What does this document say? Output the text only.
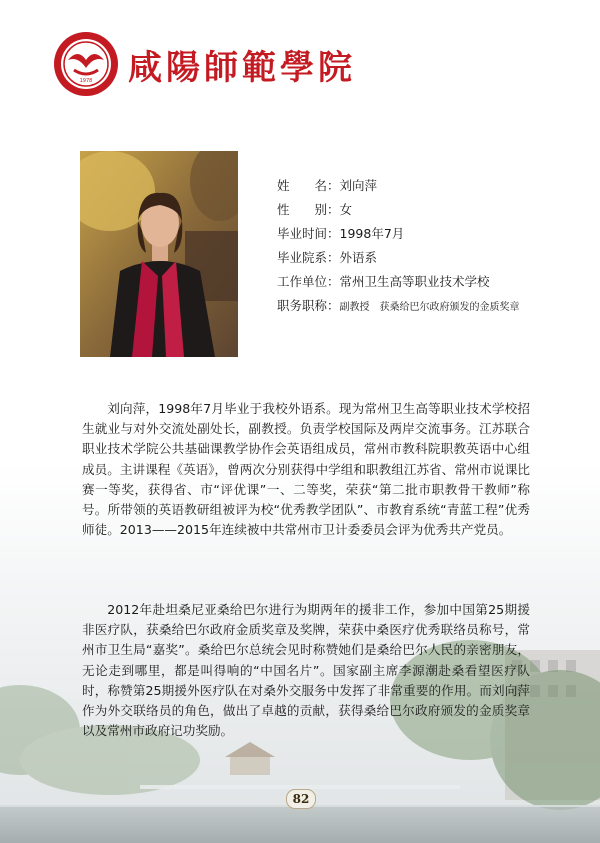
1978 咸陽師範學院
姓　　名： 刘向萍
性　　别： 女
毕业时间： 1998年7月
毕业院系： 外语系
工作单位： 常州卫生高等职业技术学校
职务职称： 副教授　获桑给巴尔政府颁发的金质奖章

刘向萍，1998年7月毕业于我校外语系。现为常州卫生高等职业技术学校招生就业与对外交流处副处长，副教授。负责学校国际及两岸交流事务。江苏联合职业技术学院公共基础课教学协作会英语组成员，常州市教科院职教英语中心组成员。主讲课程《英语》，曾两次分别获得中学组和职教组江苏省、常州市说课比赛一等奖，获得省、市“评优课”一、二等奖，荣获“第二批市职教骨干教师”称号。所带领的英语教研组被评为校“优秀教学团队”、市教育系统“青蓝工程”优秀师徒。2013——2015年连续被中共常州市卫计委委员会评为优秀共产党员。

2012年赴坦桑尼亚桑给巴尔进行为期两年的援非工作，参加中国第25期援非医疗队，获桑给巴尔政府金质奖章及奖牌，荣获中桑医疗优秀联络员称号，常州市卫生局“嘉奖”。桑给巴尔总统会见时称赞她们是桑给巴尔人民的亲密朋友，无论走到哪里，都是叫得响的“中国名片”。国家副主席李源潮赴桑看望医疗队时，称赞第25期援外医疗队在对桑外交服务中发挥了非常重要的作用。而刘向萍作为外交联络员的角色，做出了卓越的贡献，获得桑给巴尔政府颁发的金质奖章以及常州市政府记功奖励。

82
